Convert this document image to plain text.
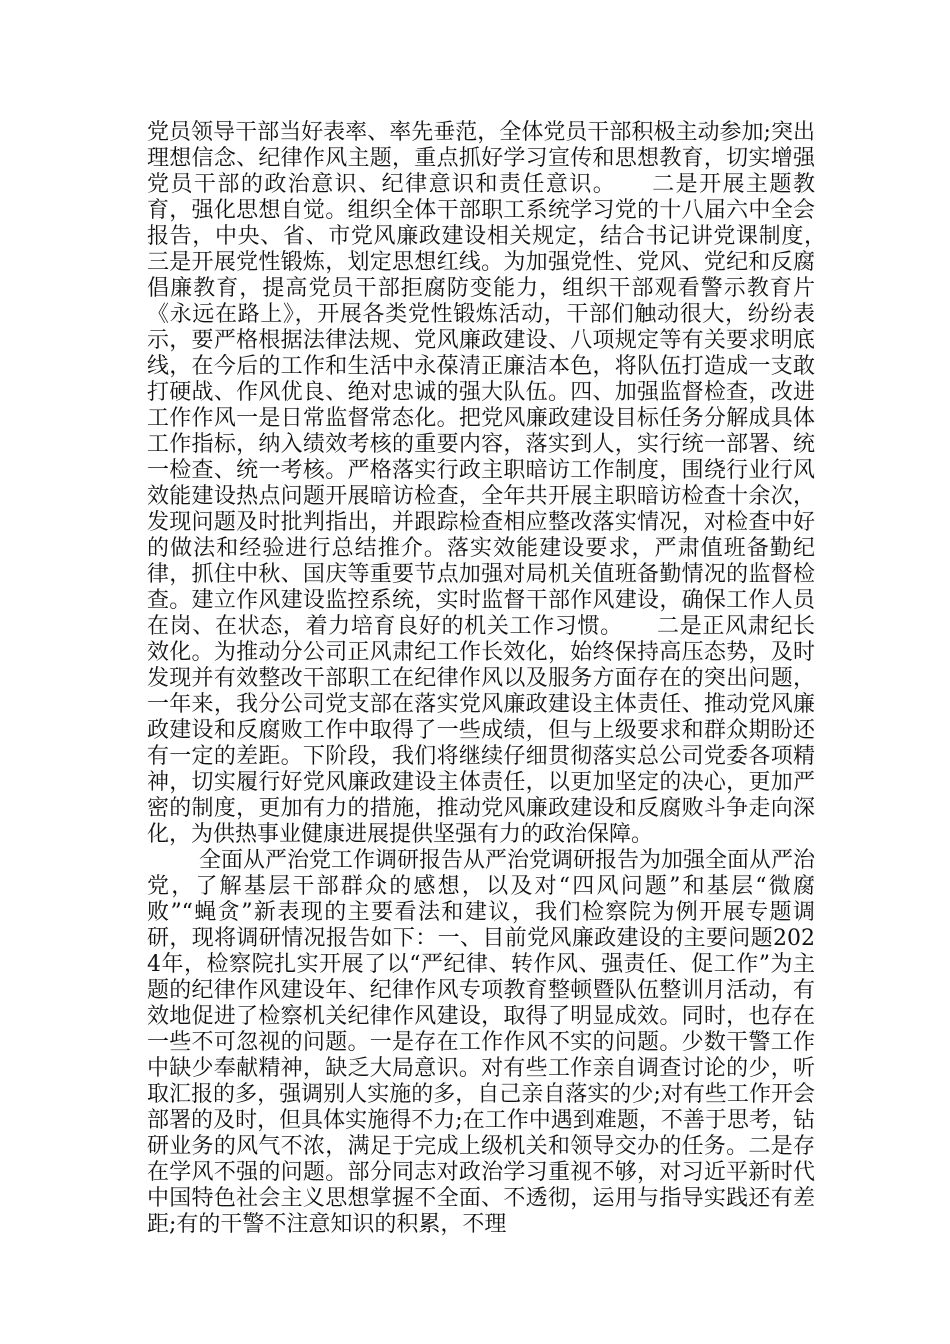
党员领导干部当好表率、率先垂范，全体党员干部积极主动参加;突出理想信念、纪律作风主题，重点抓好学习宣传和思想教育，切实增强党员干部的政治意识、纪律意识和责任意识。　　二是开展主题教育，强化思想自觉。组织全体干部职工系统学习党的十八届六中全会报告，中央、省、市党风廉政建设相关规定，结合书记讲党课制度，　　三是开展党性锻炼，划定思想红线。为加强党性、党风、党纪和反腐倡廉教育，提高党员干部拒腐防变能力，组织干部观看警示教育片《永远在路上》，开展各类党性锻炼活动，干部们触动很大，纷纷表示，要严格根据法律法规、党风廉政建设、八项规定等有关要求明底线，在今后的工作和生活中永葆清正廉洁本色，将队伍打造成一支敢打硬战、作风优良、绝对忠诚的强大队伍。四、加强监督检查，改进工作作风一是日常监督常态化。把党风廉政建设目标任务分解成具体工作指标，纳入绩效考核的重要内容，落实到人，实行统一部署、统一检查、统一考核。严格落实行政主职暗访工作制度，围绕行业行风效能建设热点问题开展暗访检查，全年共开展主职暗访检查十余次，发现问题及时批判指出，并跟踪检查相应整改落实情况，对检查中好的做法和经验进行总结推介。落实效能建设要求，严肃值班备勤纪律，抓住中秋、国庆等重要节点加强对局机关值班备勤情况的监督检查。建立作风建设监控系统，实时监督干部作风建设，确保工作人员在岗、在状态，着力培育良好的机关工作习惯。　　二是正风肃纪长效化。为推动分公司正风肃纪工作长效化，始终保持高压态势，及时发现并有效整改干部职工在纪律作风以及服务方面存在的突出问题，一年来，我分公司党支部在落实党风廉政建设主体责任、推动党风廉政建设和反腐败工作中取得了一些成绩，但与上级要求和群众期盼还有一定的差距。下阶段，我们将继续仔细贯彻落实总公司党委各项精神，切实履行好党风廉政建设主体责任，以更加坚定的决心，更加严密的制度，更加有力的措施，推动党风廉政建设和反腐败斗争走向深化，为供热事业健康进展提供坚强有力的政治保障。

全面从严治党工作调研报告从严治党调研报告为加强全面从严治党，了解基层干部群众的感想，以及对“四风问题”和基层“微腐败”“蝇贪”新表现的主要看法和建议，我们检察院为例开展专题调研，现将调研情况报告如下：一、目前党风廉政建设的主要问题2024年，检察院扎实开展了以“严纪律、转作风、强责任、促工作”为主题的纪律作风建设年、纪律作风专项教育整顿暨队伍整训月活动，有效地促进了检察机关纪律作风建设，取得了明显成效。同时，也存在一些不可忽视的问题。一是存在工作作风不实的问题。少数干警工作中缺少奉献精神，缺乏大局意识。对有些工作亲自调查讨论的少，听取汇报的多，强调别人实施的多，自己亲自落实的少;对有些工作开会部署的及时，但具体实施得不力;在工作中遇到难题，不善于思考，钻研业务的风气不浓，满足于完成上级机关和领导交办的任务。二是存在学风不强的问题。部分同志对政治学习重视不够，对习近平新时代中国特色社会主义思想掌握不全面、不透彻，运用与指导实践还有差距;有的干警不注意知识的积累，不理
